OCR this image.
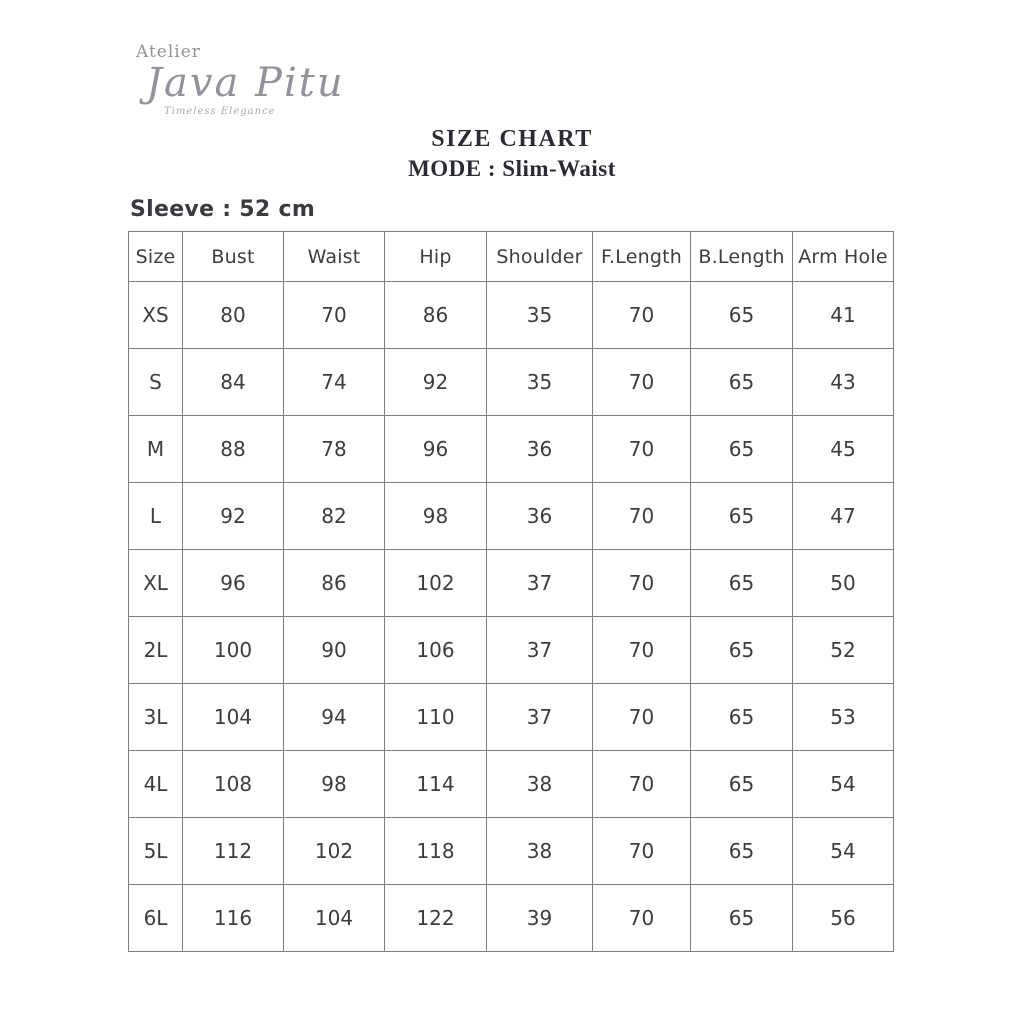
Atelier
Java Pitu
Timeless Elegance
SIZE CHART
MODE : Slim-Waist
Sleeve : 52 cm
Size	Bust	Waist	Hip	Shoulder	F.Length	B.Length	Arm Hole
XS	80	70	86	35	70	65	41
S	84	74	92	35	70	65	43
M	88	78	96	36	70	65	45
L	92	82	98	36	70	65	47
XL	96	86	102	37	70	65	50
2L	100	90	106	37	70	65	52
3L	104	94	110	37	70	65	53
4L	108	98	114	38	70	65	54
5L	112	102	118	38	70	65	54
6L	116	104	122	39	70	65	56
